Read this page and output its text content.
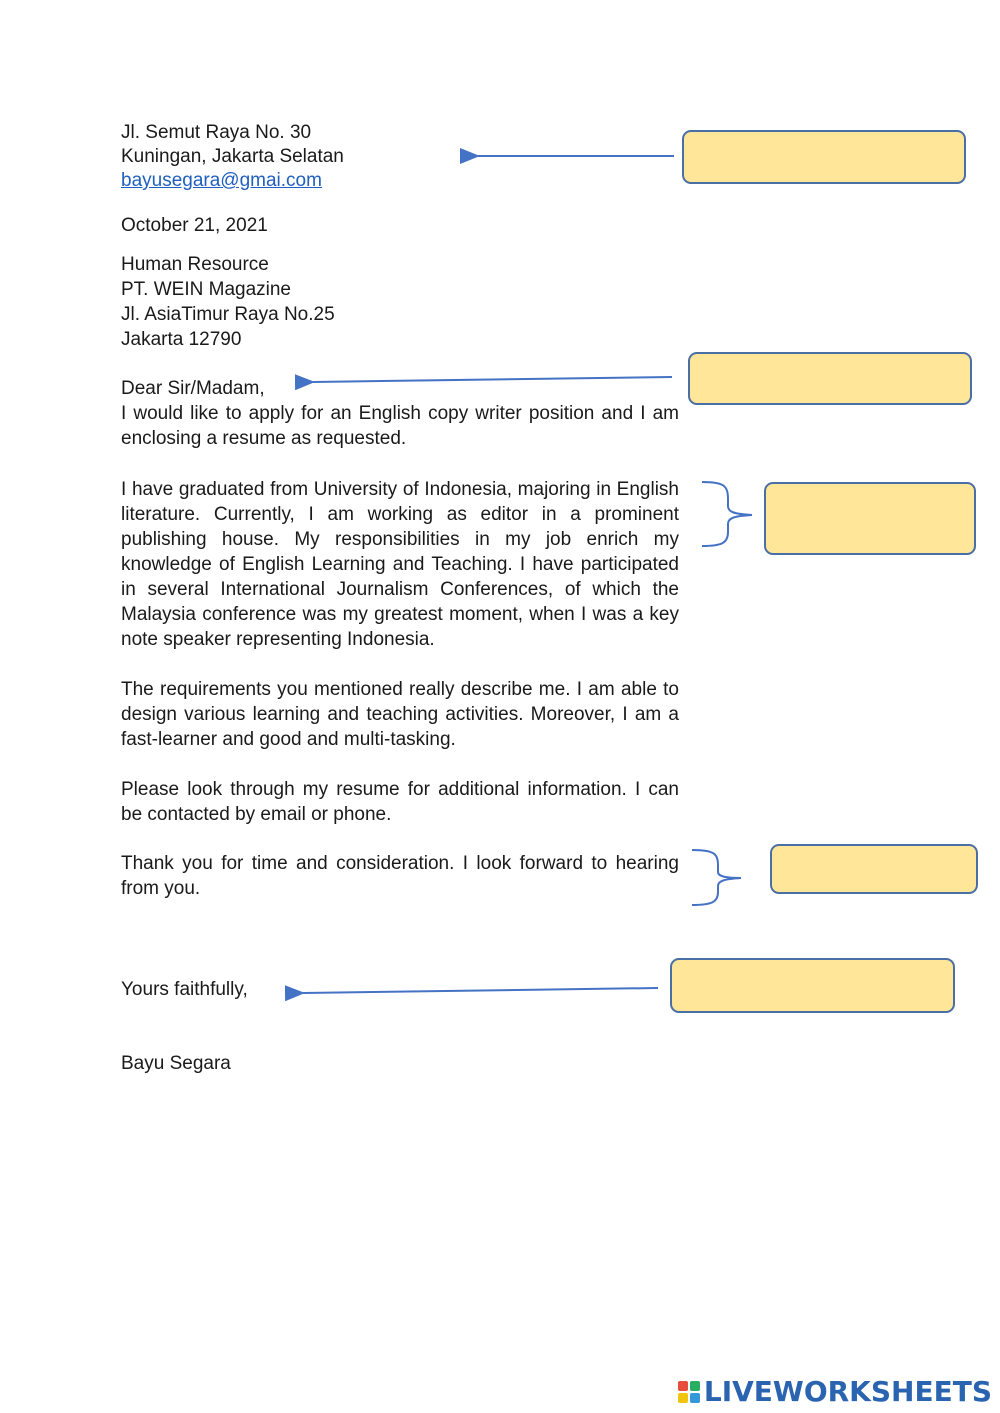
Jl. Semut Raya No. 30
Kuningan, Jakarta Selatan
bayusegara@gmai.com
October 21, 2021
Human Resource
PT. WEIN Magazine
Jl. AsiaTimur Raya No.25
Jakarta 12790
Dear Sir/Madam,
I would like to apply for an English copy writer position and I am enclosing a resume as requested.
I have graduated from University of Indonesia, majoring in English literature. Currently, I am working as editor in a prominent publishing house. My responsibilities in my job enrich my knowledge of English Learning and Teaching. I have participated in several International Journalism Conferences, of which the Malaysia conference was my greatest moment, when I was a key note speaker representing Indonesia.
The requirements you mentioned really describe me. I am able to design various learning and teaching activities. Moreover, I am a fast-learner and good and multi-tasking.
Please look through my resume for additional information. I can be contacted by email or phone.
Thank you for time and consideration. I look forward to hearing from you.
Yours faithfully,
Bayu Segara
LIVEWORKSHEETS
